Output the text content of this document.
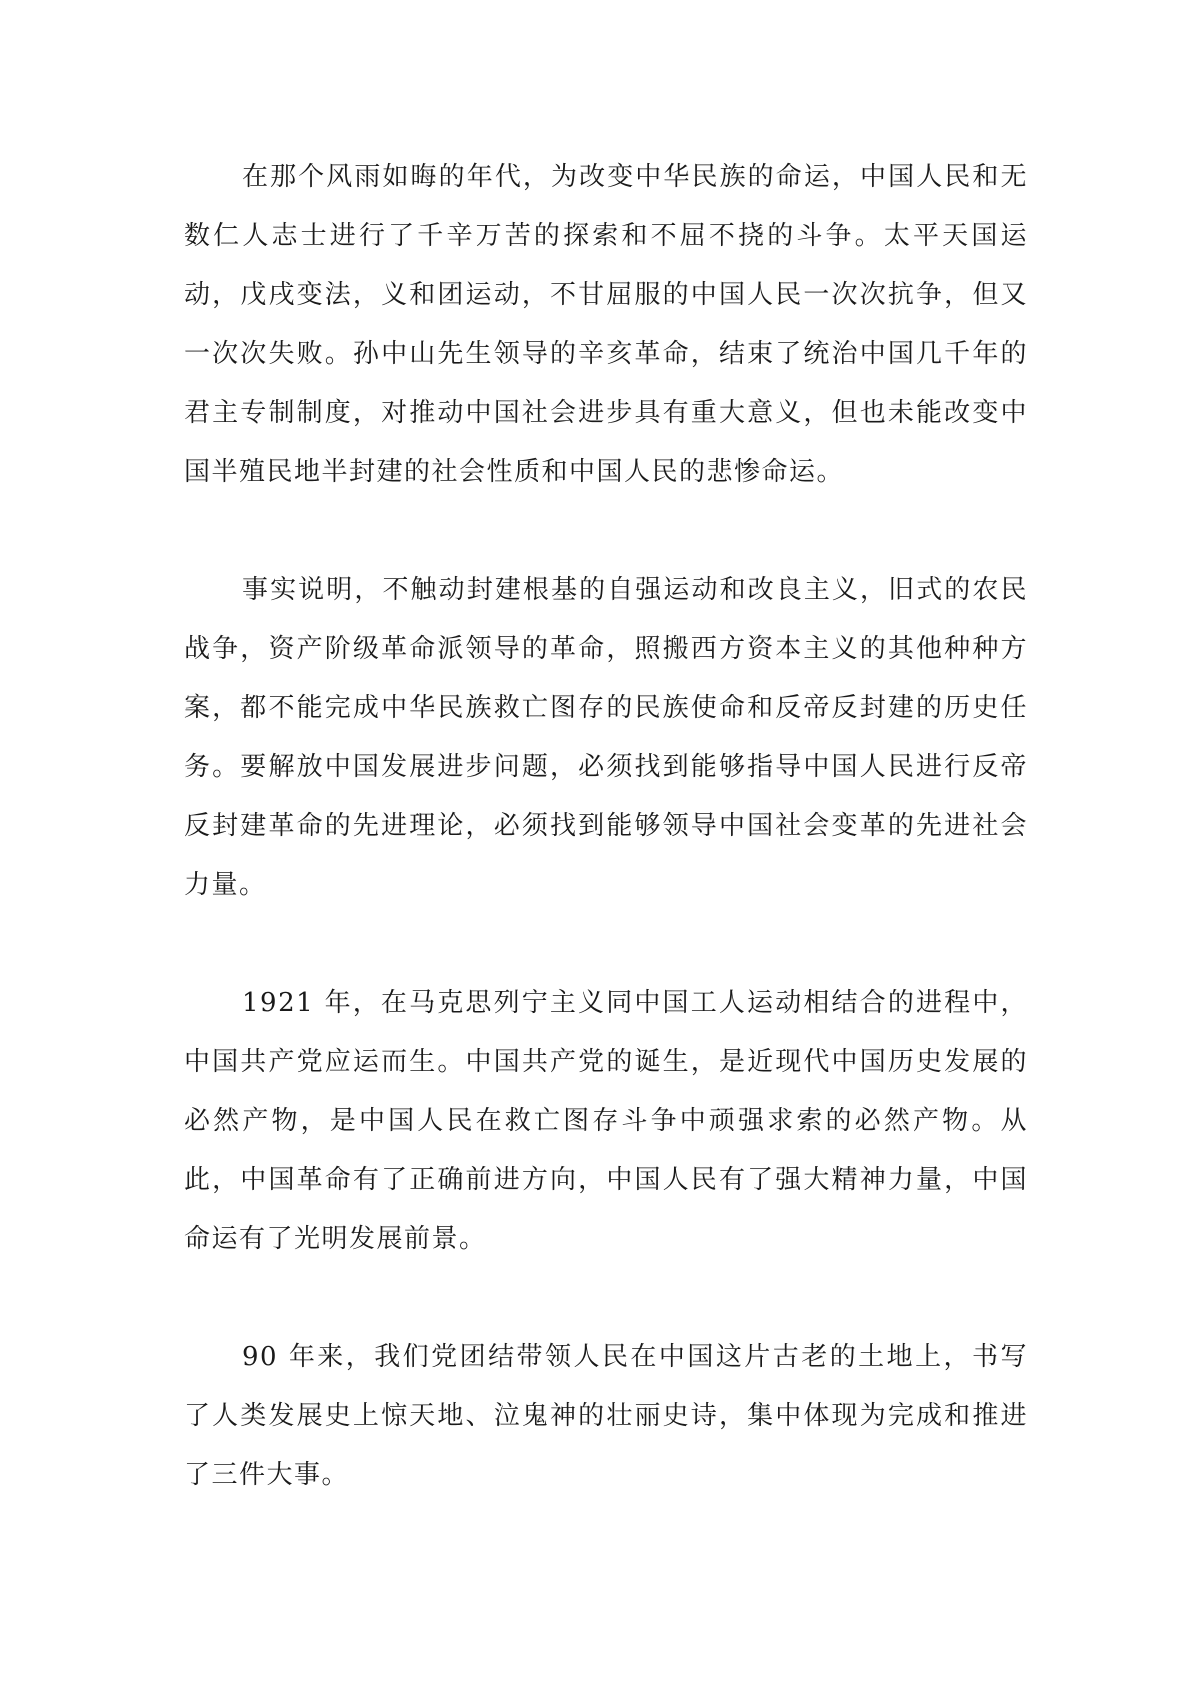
在那个风雨如晦的年代，为改变中华民族的命运，中国人民和无数仁人志士进行了千辛万苦的探索和不屈不挠的斗争。太平天国运动，戊戌变法，义和团运动，不甘屈服的中国人民一次次抗争，但又一次次失败。孙中山先生领导的辛亥革命，结束了统治中国几千年的君主专制制度，对推动中国社会进步具有重大意义，但也未能改变中国半殖民地半封建的社会性质和中国人民的悲惨命运。

事实说明，不触动封建根基的自强运动和改良主义，旧式的农民战争，资产阶级革命派领导的革命，照搬西方资本主义的其他种种方案，都不能完成中华民族救亡图存的民族使命和反帝反封建的历史任务。要解放中国发展进步问题，必须找到能够指导中国人民进行反帝反封建革命的先进理论，必须找到能够领导中国社会变革的先进社会力量。

1921 年，在马克思列宁主义同中国工人运动相结合的进程中，中国共产党应运而生。中国共产党的诞生，是近现代中国历史发展的必然产物，是中国人民在救亡图存斗争中顽强求索的必然产物。从此，中国革命有了正确前进方向，中国人民有了强大精神力量，中国命运有了光明发展前景。

90 年来，我们党团结带领人民在中国这片古老的土地上，书写了人类发展史上惊天地、泣鬼神的壮丽史诗，集中体现为完成和推进了三件大事。
